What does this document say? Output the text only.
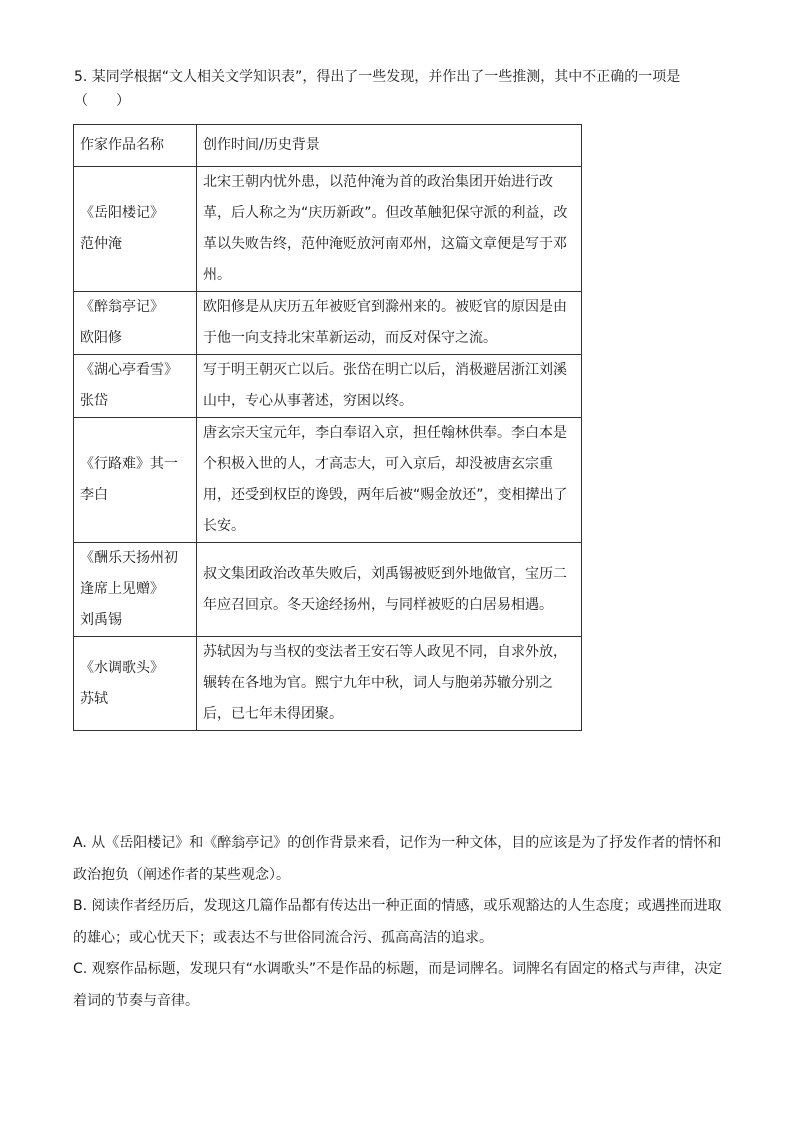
5. 某同学根据“文人相关文学知识表”，得出了一些发现，并作出了一些推测，其中不正确的一项是
（　　）
作家作品名称	创作时间/历史背景

《岳阳楼记》
范仲淹	北宋王朝内忧外患，以范仲淹为首的政治集团开始进行改革，后人称之为“庆历新政”。但改革触犯保守派的利益，改革以失败告终，范仲淹贬放河南邓州，这篇文章便是写于邓州。

《醉翁亭记》
欧阳修	欧阳修是从庆历五年被贬官到滁州来的。被贬官的原因是由于他一向支持北宋革新运动，而反对保守之流。

《湖心亭看雪》
张岱	写于明王朝灭亡以后。张岱在明亡以后，消极避居浙江刘溪山中，专心从事著述，穷困以终。

《行路难》其一
李白	唐玄宗天宝元年，李白奉诏入京，担任翰林供奉。李白本是个积极入世的人，才高志大，可入京后，却没被唐玄宗重用，还受到权臣的谗毁，两年后被“赐金放还”，变相撵出了长安。

《酬乐天扬州初逢席上见赠》
刘禹锡	叔文集团政治改革失败后，刘禹锡被贬到外地做官，宝历二年应召回京。冬天途经扬州，与同样被贬的白居易相遇。

《水调歌头》
苏轼	苏轼因为与当权的变法者王安石等人政见不同，自求外放，辗转在各地为官。熙宁九年中秋，词人与胞弟苏辙分别之后，已七年未得团聚。

A. 从《岳阳楼记》和《醉翁亭记》的创作背景来看，记作为一种文体，目的应该是为了抒发作者的情怀和政治抱负（阐述作者的某些观念）。

B. 阅读作者经历后，发现这几篇作品都有传达出一种正面的情感，或乐观豁达的人生态度；或遇挫而进取的雄心；或心忧天下；或表达不与世俗同流合污、孤高高洁的追求。

C. 观察作品标题，发现只有“水调歌头”不是作品的标题，而是词牌名。词牌名有固定的格式与声律，决定着词的节奏与音律。
